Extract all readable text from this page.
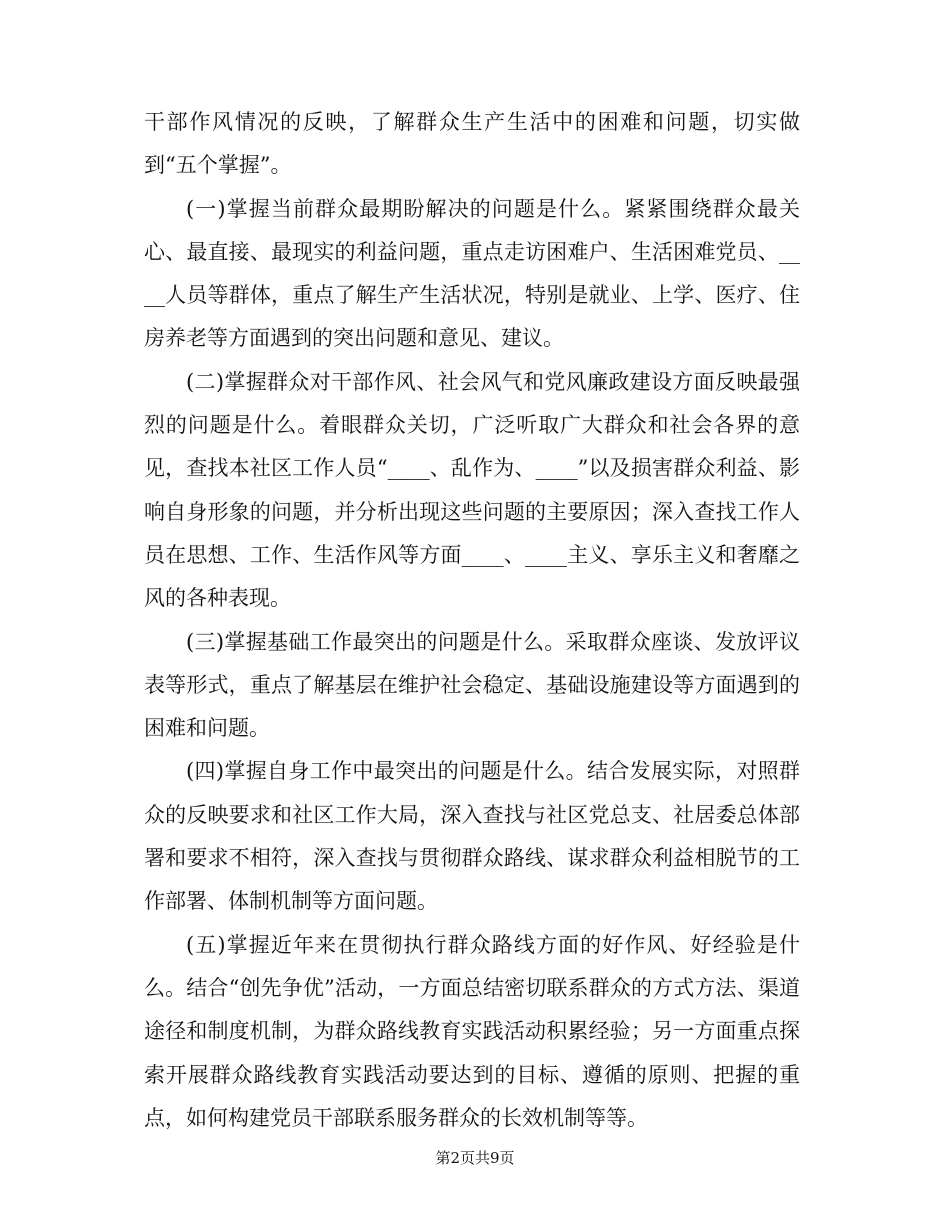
干部作风情况的反映，了解群众生产生活中的困难和问题，切实做到“五个掌握”。

(一)掌握当前群众最期盼解决的问题是什么。紧紧围绕群众最关心、最直接、最现实的利益问题，重点走访困难户、生活困难党员、____人员等群体，重点了解生产生活状况，特别是就业、上学、医疗、住房养老等方面遇到的突出问题和意见、建议。

(二)掌握群众对干部作风、社会风气和党风廉政建设方面反映最强烈的问题是什么。着眼群众关切，广泛听取广大群众和社会各界的意见，查找本社区工作人员“____、乱作为、____”以及损害群众利益、影响自身形象的问题，并分析出现这些问题的主要原因；深入查找工作人员在思想、工作、生活作风等方面____、____主义、享乐主义和奢靡之风的各种表现。

(三)掌握基础工作最突出的问题是什么。采取群众座谈、发放评议表等形式，重点了解基层在维护社会稳定、基础设施建设等方面遇到的困难和问题。

(四)掌握自身工作中最突出的问题是什么。结合发展实际，对照群众的反映要求和社区工作大局，深入查找与社区党总支、社居委总体部署和要求不相符，深入查找与贯彻群众路线、谋求群众利益相脱节的工作部署、体制机制等方面问题。

(五)掌握近年来在贯彻执行群众路线方面的好作风、好经验是什么。结合“创先争优”活动，一方面总结密切联系群众的方式方法、渠道途径和制度机制，为群众路线教育实践活动积累经验；另一方面重点探索开展群众路线教育实践活动要达到的目标、遵循的原则、把握的重点，如何构建党员干部联系服务群众的长效机制等等。

第2页共9页
